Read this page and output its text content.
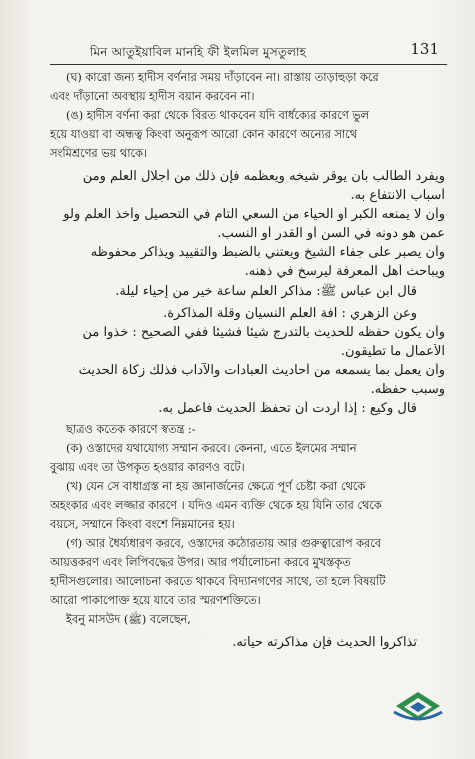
মিন আতুইয়াবিল মানহি ফী ইলমিল মুসতুলাহ	131
(ঘ) কারো জন্য হাদীস বর্ণনার সময় দাঁড়াবেন না। রাস্তায় তাড়াহুড়া করে
এবং দাঁড়ানো অবস্থায় হাদীস বয়ান করবেন না।
(ঙ) হাদীস বর্ণনা করা থেকে বিরত থাকবেন যদি বার্ধক্যের কারণে ভুল
হয়ে যাওয়া বা অন্ধত্ব কিংবা অনুরূপ আরো কোন কারণে অন্যের সাথে
সংমিশ্রণের ভয় থাকে।
ويفرد الطالب بأن يوقر شيخه ويعظمه فإن ذلك من أجلال العلم ومن
أسباب الانتفاع به.
وأن لا يمنعه الكبر أو الحياء من السعي التام في التحصيل وأخذ العلم ولو
عمن هو دونه في السن أو القدر أو النسب.
وأن يصبر على جفاء الشيخ ويعتني بالضبط والتقييد ويذاكر محفوظه
ويباحث أهل المعرفة ليرسخ في ذهنه.
قال ابن عباس ﷺ: مذاكر العلم ساعة خير من إحياء ليلة.
وعن الزهري : آفة العلم النسيان وقلة المذاكرة.
وأن يكون حفظه للحديث بالتدرج شيئا فشيئا ففي الصحيح : خذوا من
الأعمال ما تطيقون.
وأن يعمل بما يسمعه من أحاديث العبادات والآداب فذلك زكاة الحديث
وسبب حفظه.
قال وكيع : إذا أردت أن تحفظ الحديث فاعمل به.
ছাত্রও কতেক কারণে স্বতন্ত্র :-
(ক) ওস্তাদের যথাযোগ্য সম্মান করবে। কেননা, এতে ইলমের সম্মান
বুঝায় এবং তা উপকৃত হওয়ার কারণও বটে।
(খ) যেন সে বাধাগ্রস্ত না হয় জ্ঞানার্জনের ক্ষেত্রে পূর্ণ চেষ্টা করা থেকে
অহংকার এবং লজ্জার কারণে । যদিও এমন ব্যক্তি থেকে হয় যিনি তার থেকে
বয়সে, সম্মানে কিংবা বংশে নিম্নমানের হয়।
(গ) আর ধৈর্য্যধারণ করবে, ওস্তাদের কঠোরতায় আর গুরুত্বারোপ করবে
আয়ত্তকরণ এবং লিপিবদ্ধের উপর। আর পর্যালোচনা করবে মুখস্তকৃত
হাদীসগুলোর। আলোচনা করতে থাকবে বিদ্যানগণের সাথে, তা হলে বিষয়টি
আরো পাকাপোক্ত হয়ে যাবে তার স্মরণশক্তিতে।
ইবনু মাসউদ (ﷺ) বলেছেন,
تذاكروا الحديث فإن مذاكرته حياته.
